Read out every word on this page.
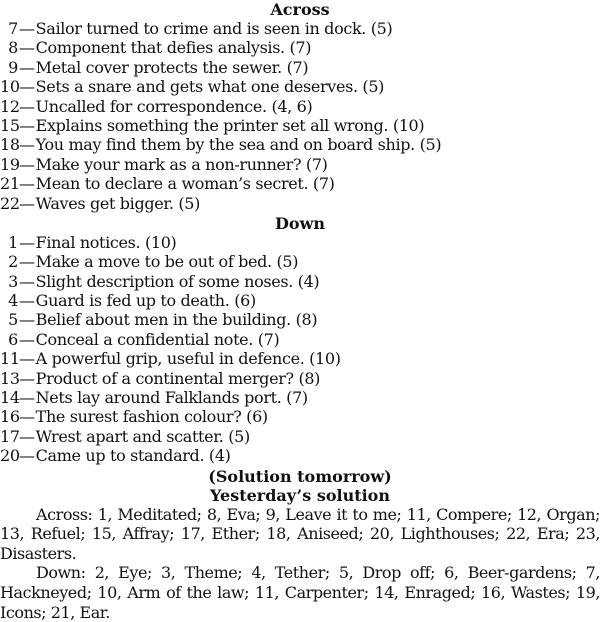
Across
7—Sailor turned to crime and is seen in dock. (5)
8—Component that defies analysis. (7)
9—Metal cover protects the sewer. (7)
10—Sets a snare and gets what one deserves. (5)
12—Uncalled for correspondence. (4, 6)
15—Explains something the printer set all wrong. (10)
18—You may find them by the sea and on board ship. (5)
19—Make your mark as a non-runner? (7)
21—Mean to declare a woman’s secret. (7)
22—Waves get bigger. (5)
Down
1—Final notices. (10)
2—Make a move to be out of bed. (5)
3—Slight description of some noses. (4)
4—Guard is fed up to death. (6)
5—Belief about men in the building. (8)
6—Conceal a confidential note. (7)
11—A powerful grip, useful in defence. (10)
13—Product of a continental merger? (8)
14—Nets lay around Falklands port. (7)
16—The surest fashion colour? (6)
17—Wrest apart and scatter. (5)
20—Came up to standard. (4)
(Solution tomorrow)
Yesterday’s solution

Across: 1, Meditated; 8, Eva; 9, Leave it to me; 11, Compere; 12, Organ; 13, Refuel; 15, Affray; 17, Ether; 18, Aniseed; 20, Lighthouses; 22, Era; 23, Disasters.

Down: 2, Eye; 3, Theme; 4, Tether; 5, Drop off; 6, Beer-gardens; 7, Hackneyed; 10, Arm of the law; 11, Carpenter; 14, Enraged; 16, Wastes; 19, Icons; 21, Ear.
